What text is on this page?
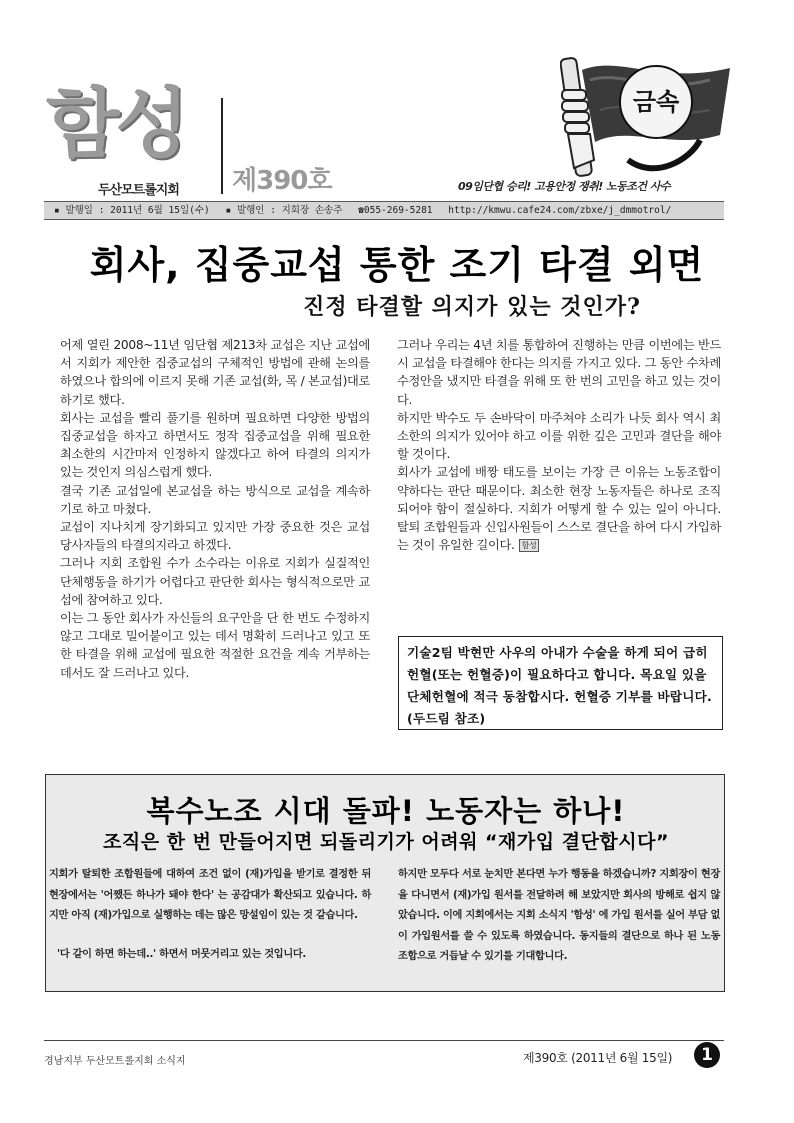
함성
두산모트롤지회 제390호
금속
09임단협 승리! 고용안정 쟁취! 노동조건 사수
▪ 발행일 : 2011년 6월 15일(수) ▪ 발행인 : 지회장 손송주 ☎055-269-5281 http://kmwu.cafe24.com/zbxe/j_dmmotrol/
회사, 집중교섭 통한 조기 타결 외면
진정 타결할 의지가 있는 것인가?

어제 열린 2008~11년 임단협 제213차 교섭은 지난 교섭에서 지회가 제안한 집중교섭의 구체적인 방법에 관해 논의를 하였으나 합의에 이르지 못해 기존 교섭(화, 목 / 본교섭)대로 하기로 했다.

회사는 교섭을 빨리 풀기를 원하며 필요하면 다양한 방법의 집중교섭을 하자고 하면서도 정작 집중교섭을 위해 필요한 최소한의 시간마저 인정하지 않겠다고 하여 타결의 의지가 있는 것인지 의심스럽게 했다.

결국 기존 교섭일에 본교섭을 하는 방식으로 교섭을 계속하기로 하고 마쳤다.

교섭이 지나치게 장기화되고 있지만 가장 중요한 것은 교섭 당사자들의 타결의지라고 하겠다.

그러나 지회 조합원 수가 소수라는 이유로 지회가 실질적인 단체행동을 하기가 어렵다고 판단한 회사는 형식적으로만 교섭에 참여하고 있다.

이는 그 동안 회사가 자신들의 요구안을 단 한 번도 수정하지 않고 그대로 밀어붙이고 있는 데서 명확히 드러나고 있고 또한 타결을 위해 교섭에 필요한 적절한 요건을 계속 거부하는 데서도 잘 드러나고 있다.

그러나 우리는 4년 치를 통합하여 진행하는 만큼 이번에는 반드시 교섭을 타결해야 한다는 의지를 가지고 있다. 그 동안 수차례 수정안을 냈지만 타결을 위해 또 한 번의 고민을 하고 있는 것이다.

하지만 박수도 두 손바닥이 마주쳐야 소리가 나듯 회사 역시 최소한의 의지가 있어야 하고 이를 위한 깊은 고민과 결단을 해야 할 것이다.

회사가 교섭에 배짱 태도를 보이는 가장 큰 이유는 노동조합이 약하다는 판단 때문이다. 최소한 현장 노동자들은 하나로 조직되어야 함이 절실하다. 지회가 어떻게 할 수 있는 일이 아니다. 탈퇴 조합원들과 신입사원들이 스스로 결단을 하여 다시 가입하는 것이 유일한 길이다. 함성

기술2팀 박현만 사우의 아내가 수술을 하게 되어 급히 헌혈(또는 헌혈증)이 필요하다고 합니다. 목요일 있을 단체헌혈에 적극 동참합시다. 헌혈증 기부를 바랍니다.(두드림 참조)
복수노조 시대 돌파! 노동자는 하나!
조직은 한 번 만들어지면 되돌리기가 어려워 “재가입 결단합시다”

지회가 탈퇴한 조합원들에 대하여 조건 없이 (재)가입을 받기로 결정한 뒤 현장에서는 '어쨌든 하나가 돼야 한다' 는 공감대가 확산되고 있습니다. 하지만 아직 (재)가입으로 실행하는 데는 많은 망설임이 있는 것 같습니다.

'다 같이 하면 하는데..' 하면서 머뭇거리고 있는 것입니다.

하지만 모두다 서로 눈치만 본다면 누가 행동을 하겠습니까? 지회장이 현장을 다니면서 (재)가입 원서를 전달하려 해 보았지만 회사의 방해로 쉽지 않았습니다. 이에 지회에서는 지회 소식지 '함성' 에 가입 원서를 실어 부담 없이 가입원서를 쓸 수 있도록 하였습니다. 동지들의 결단으로 하나 된 노동조합으로 거듭날 수 있기를 기대합니다.

경남지부 두산모트롤지회 소식지	제390호 (2011년 6월 15일)	1
